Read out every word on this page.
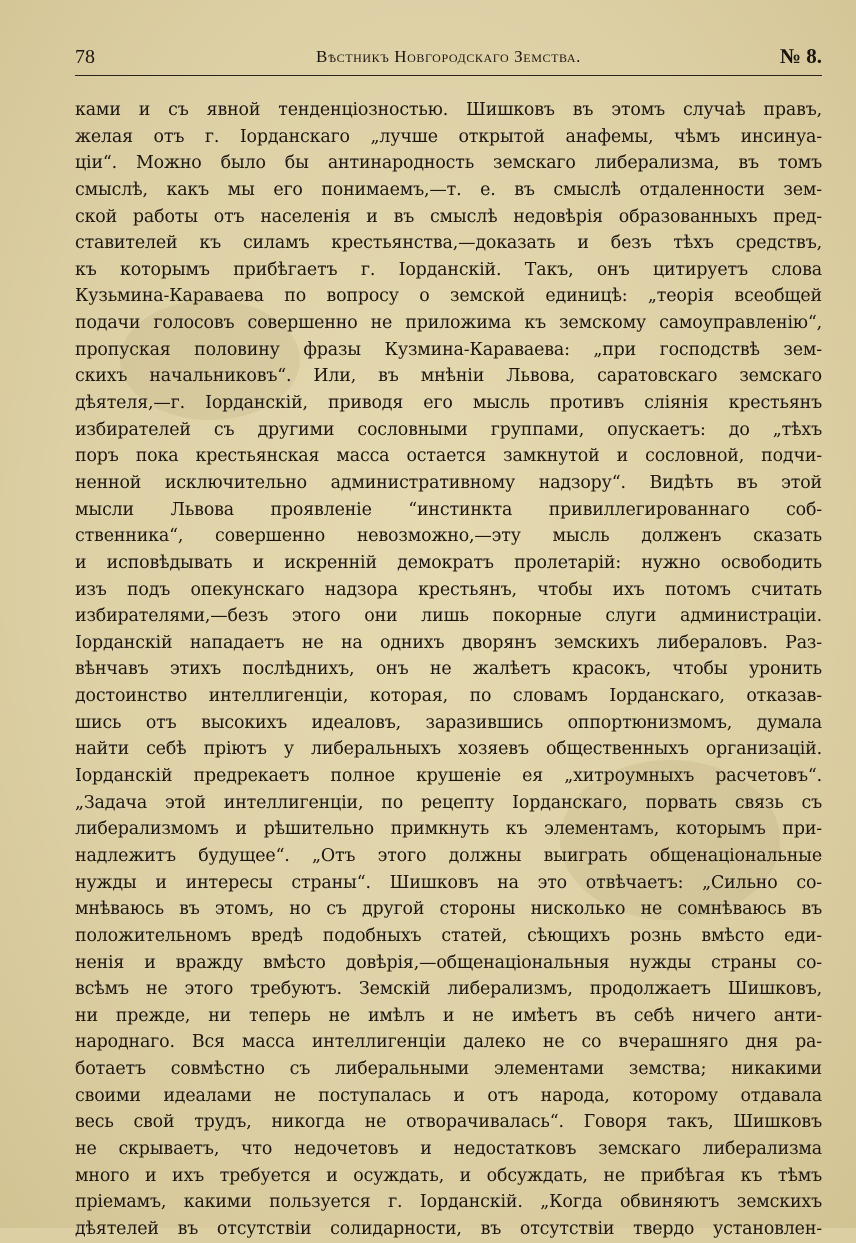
78	Вѣстникъ Новгородскаго Земства.	№ 8.
ками и съ явной тенденціозностью. Шишковъ въ этомъ случаѣ правъ,
желая отъ г. Іорданскаго „лучше открытой анафемы, чѣмъ инсинуа-
ціи“. Можно было бы антинародность земскаго либерализма, въ томъ
смыслѣ, какъ мы его понимаемъ,—т. е. въ смыслѣ отдаленности зем-
ской работы отъ населенія и въ смыслѣ недовѣрія образованныхъ пред-
ставителей къ силамъ крестьянства,—доказать и безъ тѣхъ средствъ,
къ которымъ прибѣгаетъ г. Іорданскій. Такъ, онъ цитируетъ слова
Кузьмина-Караваева по вопросу о земской единицѣ: „теорія всеобщей
подачи голосовъ совершенно не приложима къ земскому самоуправленію“,
пропуская половину фразы Кузмина-Караваева: „при господствѣ зем-
скихъ начальниковъ“. Или, въ мнѣніи Львова, саратовскаго земскаго
дѣятеля,—г. Іорданскій, приводя его мысль противъ слiянія крестьянъ
избирателей съ другими сословными группами, опускаетъ: до „тѣхъ
поръ пока крестьянская масса остается замкнутой и сословной, подчи-
ненной исключительно административному надзору“. Видѣть въ этой
мысли Львова проявленіе “инстинкта привиллегированнаго соб-
ственника“, совершенно невозможно,—эту мысль долженъ сказать
и исповѣдывать и искренній демократъ пролетарій: нужно освободить
изъ подъ опекунскаго надзора крестьянъ, чтобы ихъ потомъ считать
избирателями,—безъ этого они лишь покорные слуги администраціи.
Іорданскій нападаетъ не на однихъ дворянъ земскихъ либераловъ. Раз-
вѣнчавъ этихъ послѣднихъ, онъ не жалѣетъ красокъ, чтобы уронить
достоинство интеллигенціи, которая, по словамъ Іорданскаго, отказав-
шись отъ высокихъ идеаловъ, заразившись оппортюнизмомъ, думала
найти себѣ пріютъ у либеральныхъ хозяевъ общественныхъ организацій.
Іорданскій предрекаетъ полное крушеніе ея „хитроумныхъ расчетовъ“.
„Задача этой интеллигенціи, по рецепту Іорданскаго, порвать связь съ
либерализмомъ и рѣшительно примкнуть къ элементамъ, которымъ при-
надлежитъ будущее“. „Отъ этого должны выиграть общенаціональные
нужды и интересы страны“. Шишковъ на это отвѣчаетъ: „Сильно со-
мнѣваюсь въ этомъ, но съ другой стороны нисколько не сомнѣваюсь въ
положительномъ вредѣ подобныхъ статей, сѣющихъ рознь вмѣсто еди-
ненія и вражду вмѣсто довѣрія,—общенаціональныя нужды страны со-
всѣмъ не этого требуютъ. Земскій либерализмъ, продолжаетъ Шишковъ,
ни прежде, ни теперь не имѣлъ и не имѣетъ въ себѣ ничего анти-
народнаго. Вся масса интеллигенціи далеко не со вчерашняго дня ра-
ботаетъ совмѣстно съ либеральными элементами земства; никакими
своими идеалами не поступалась и отъ народа, которому отдавала
весь свой трудъ, никогда не отворачивалась“. Говоря такъ, Шишковъ
не скрываетъ, что недочетовъ и недостатковъ земскаго либерализма
много и ихъ требуется и осуждать, и обсуждать, не прибѣгая къ тѣмъ
пріемамъ, какими пользуется г. Іорданскій. „Когда обвиняютъ земскихъ
дѣятелей въ отсутствіи солидарности, въ отсутствіи твердо установлен-
